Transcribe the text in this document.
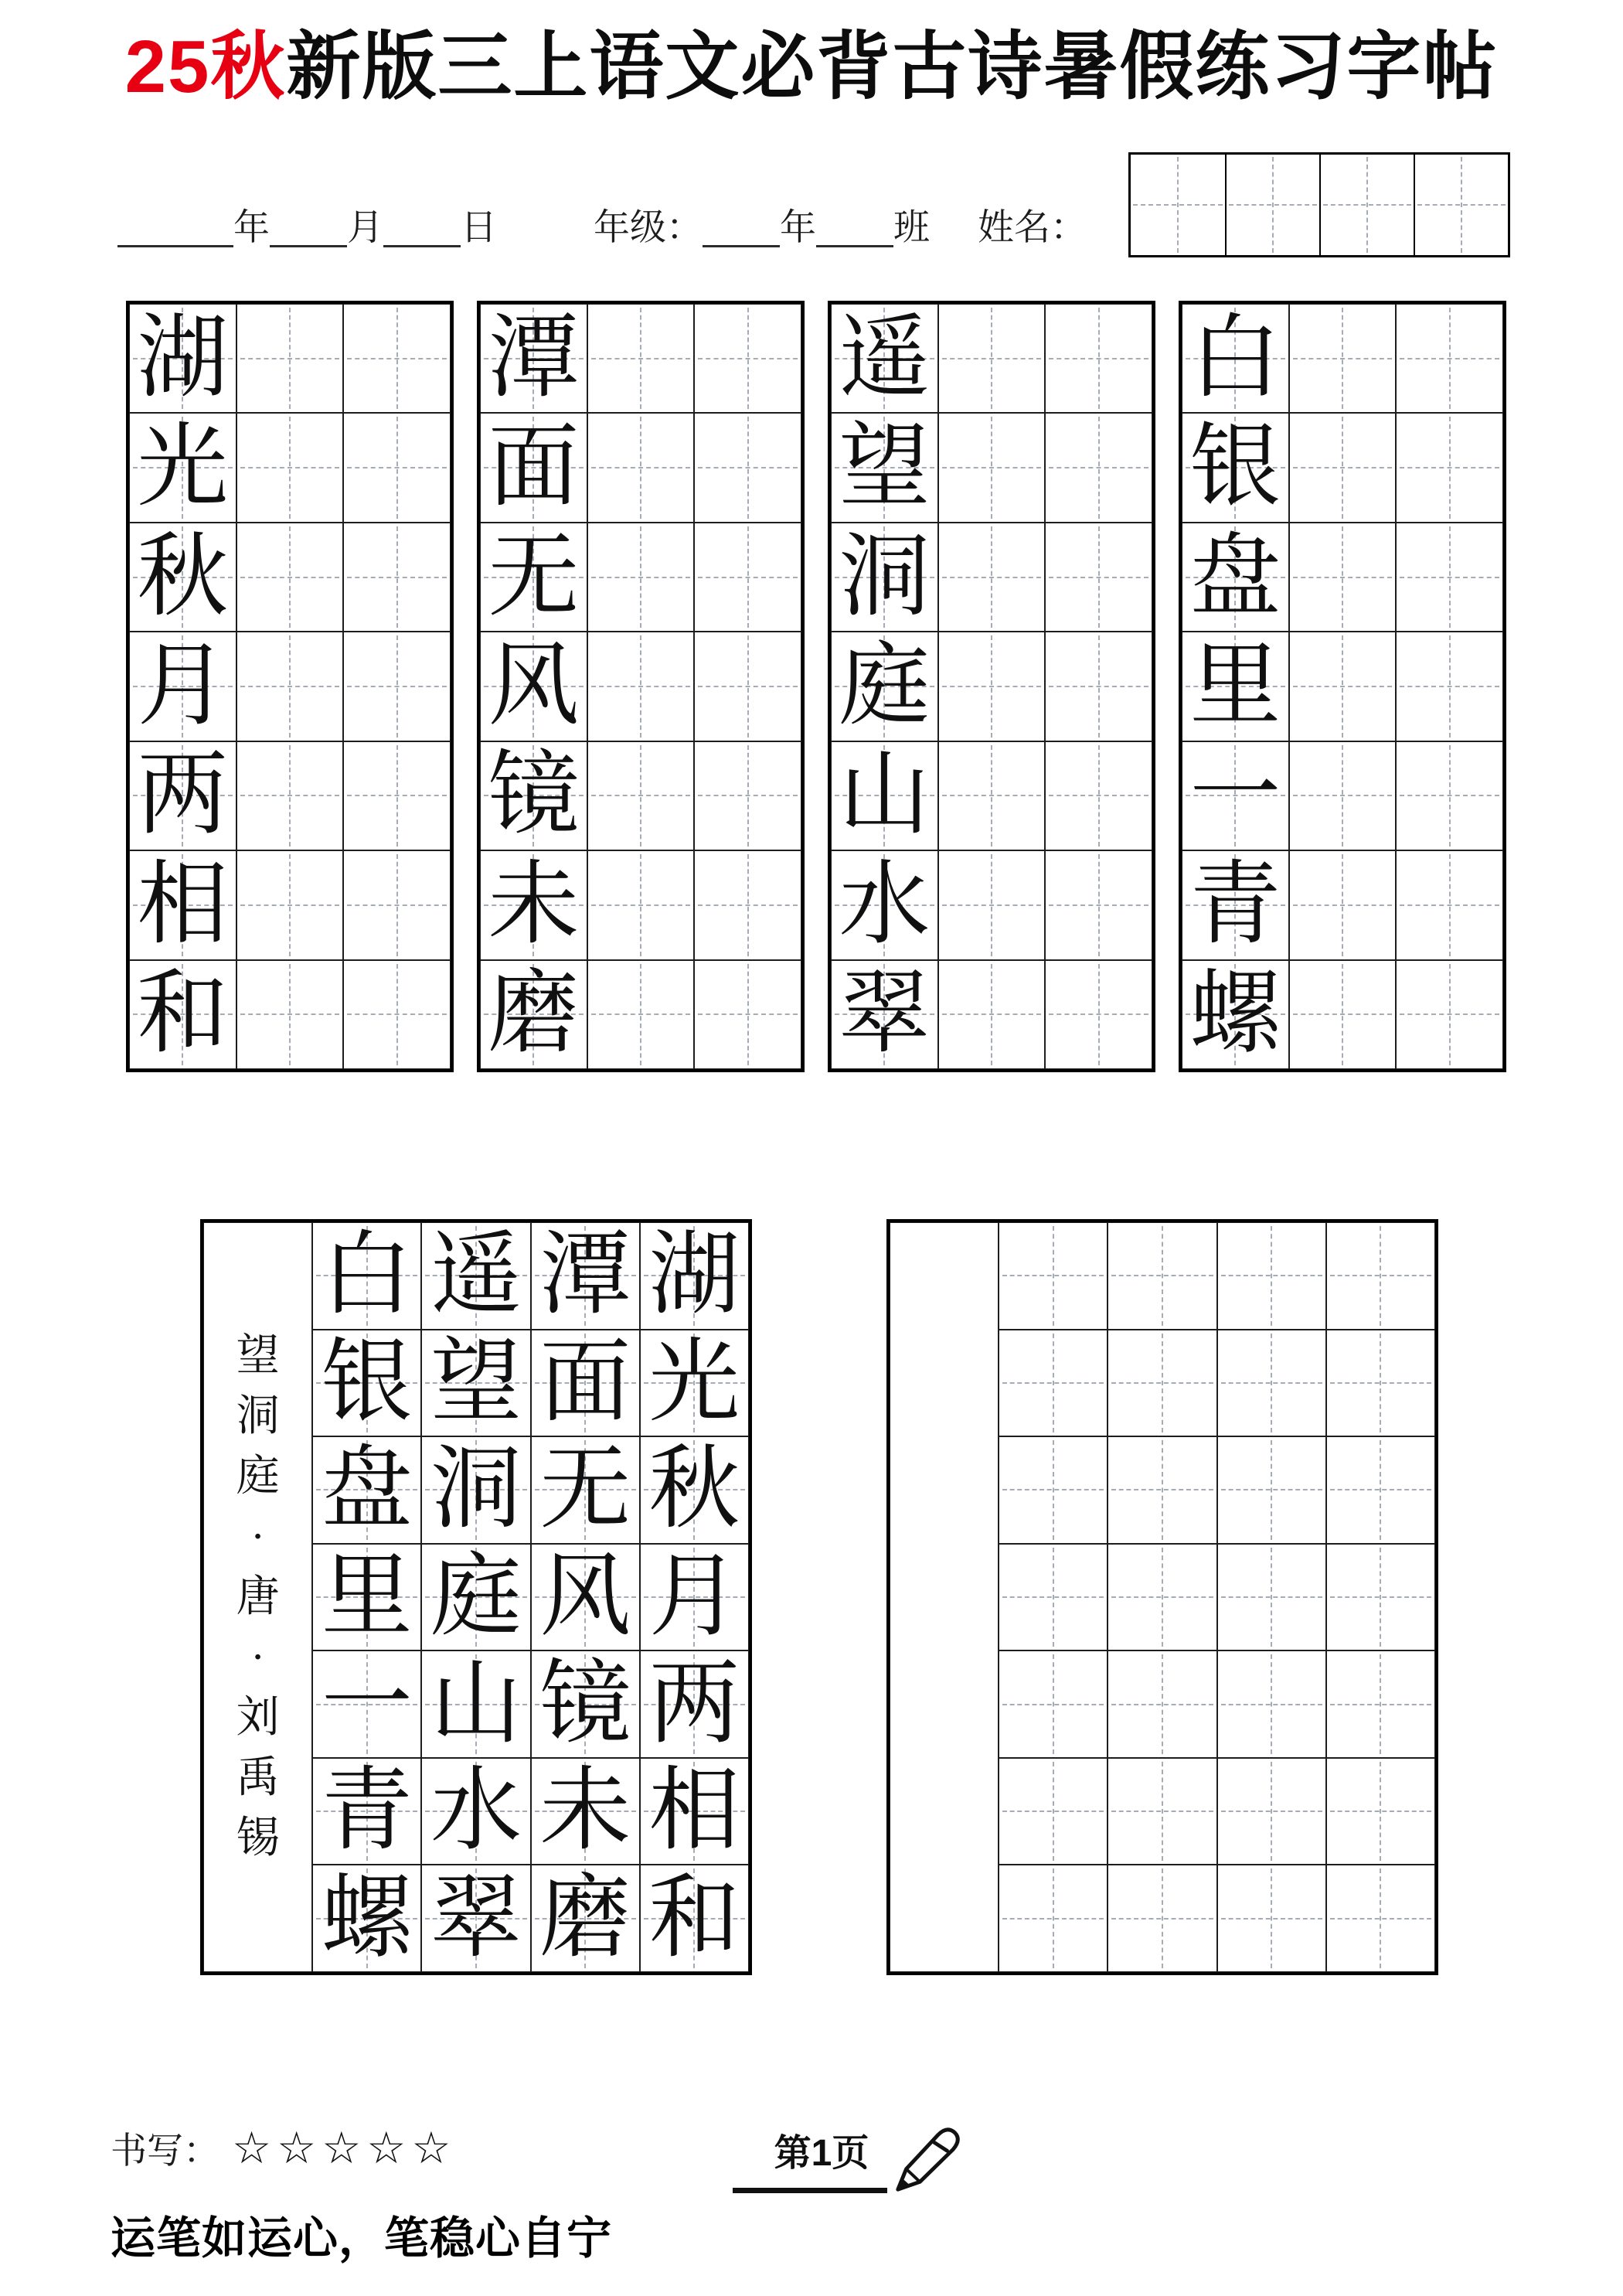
25秋新版三上语文必背古诗暑假练习字帖
年 月 日	年级： 年 班 姓名：
湖
光
秋
月
两
相
和
潭
面
无
风
镜
未
磨
遥
望
洞
庭
山
水
翠
白
银
盘
里
一
青
螺
望
洞
庭
·
唐
·
刘
禹
锡
白 遥 潭 湖
银 望 面 光
盘 洞 无 秋
里 庭 风 月
一 山 镜 两
青 水 未 相
螺 翠 磨 和
书写： ☆☆☆☆☆	第1页
运笔如运心，笔稳心自宁
